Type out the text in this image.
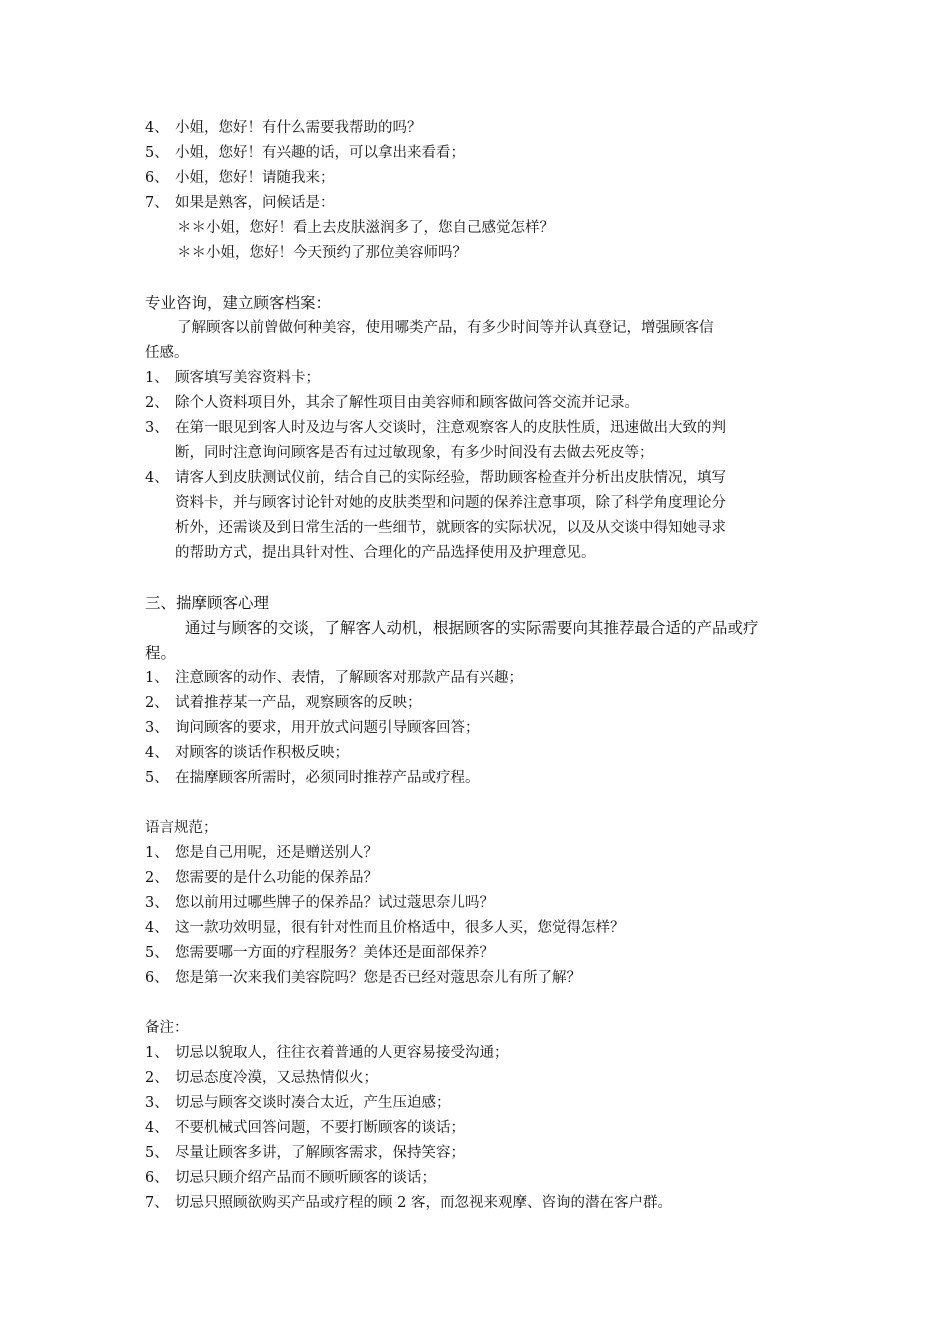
4、 小姐，您好！有什么需要我帮助的吗？
5、 小姐，您好！有兴趣的话，可以拿出来看看；
6、 小姐，您好！请随我来；
7、 如果是熟客，问候话是：
＊＊小姐，您好！看上去皮肤滋润多了，您自己感觉怎样？
＊＊小姐，您好！今天预约了那位美容师吗？
专业咨询，建立顾客档案：
了解顾客以前曾做何种美容，使用哪类产品，有多少时间等并认真登记，增强顾客信
任感。
1、 顾客填写美容资料卡；
2、 除个人资料项目外，其余了解性项目由美容师和顾客做问答交流并记录。
3、 在第一眼见到客人时及边与客人交谈时，注意观察客人的皮肤性质，迅速做出大致的判
断，同时注意询问顾客是否有过过敏现象，有多少时间没有去做去死皮等；
4、 请客人到皮肤测试仪前，结合自己的实际经验，帮助顾客检查并分析出皮肤情况，填写
资料卡，并与顾客讨论针对她的皮肤类型和问题的保养注意事项，除了科学角度理论分
析外，还需谈及到日常生活的一些细节，就顾客的实际状况，以及从交谈中得知她寻求
的帮助方式，提出具针对性、合理化的产品选择使用及护理意见。
三、揣摩顾客心理
通过与顾客的交谈，了解客人动机，根据顾客的实际需要向其推荐最合适的产品或疗
程。
1、 注意顾客的动作、表情，了解顾客对那款产品有兴趣；
2、 试着推荐某一产品，观察顾客的反映；
3、 询问顾客的要求，用开放式问题引导顾客回答；
4、 对顾客的谈话作积极反映；
5、 在揣摩顾客所需时，必须同时推荐产品或疗程。
语言规范；
1、 您是自己用呢，还是赠送别人？
2、 您需要的是什么功能的保养品？
3、 您以前用过哪些牌子的保养品？试过蔻思奈儿吗？
4、 这一款功效明显，很有针对性而且价格适中，很多人买，您觉得怎样？
5、 您需要哪一方面的疗程服务？美体还是面部保养？
6、 您是第一次来我们美容院吗？您是否已经对蔻思奈儿有所了解？
备注：
1、 切忌以貌取人，往往衣着普通的人更容易接受沟通；
2、 切忌态度冷漠，又忌热情似火；
3、 切忌与顾客交谈时凑合太近，产生压迫感；
4、 不要机械式回答问题，不要打断顾客的谈话；
5、 尽量让顾客多讲，了解顾客需求，保持笑容；
6、 切忌只顾介绍产品而不顾听顾客的谈话；
7、 切忌只照顾欲购买产品或疗程的顾 2 客，而忽视来观摩、咨询的潜在客户群。
